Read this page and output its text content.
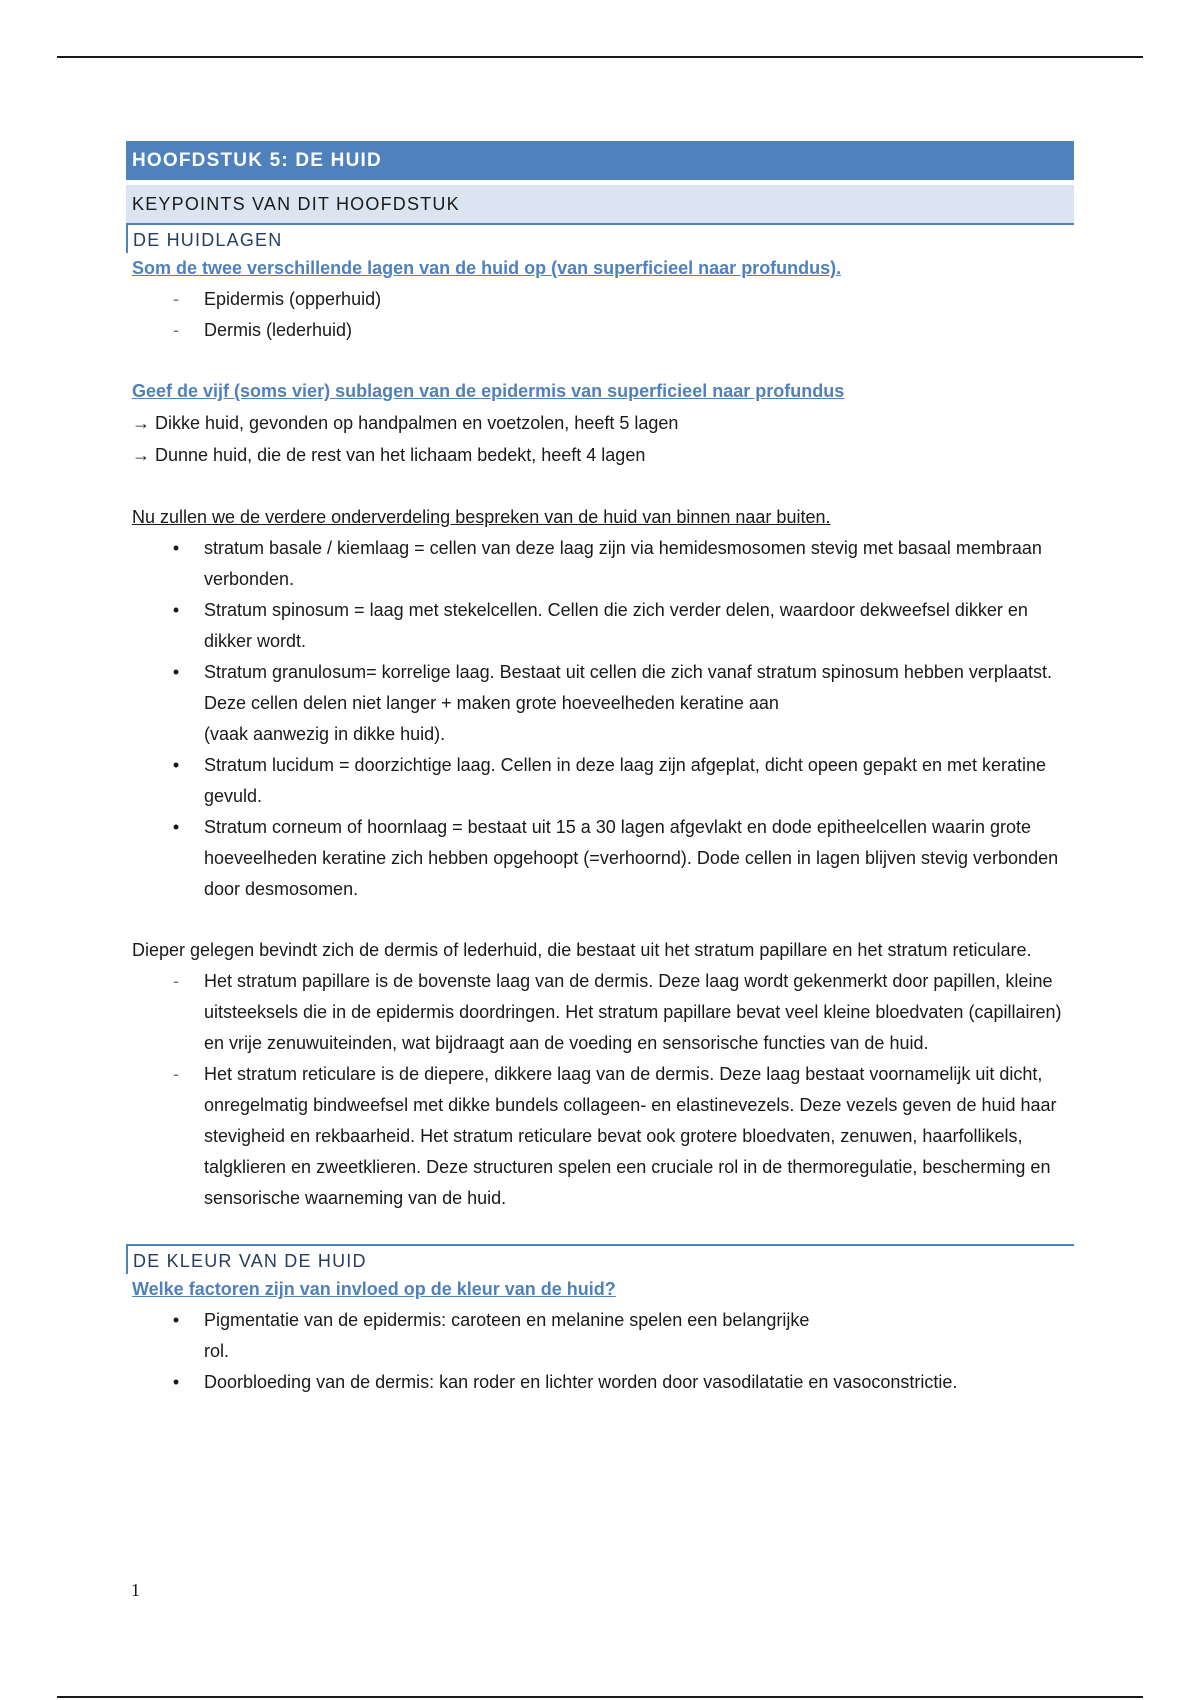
HOOFDSTUK 5: DE HUID
KEYPOINTS VAN DIT HOOFDSTUK
DE HUIDLAGEN
Som de twee verschillende lagen van de huid op (van superficieel naar profundus).
-	Epidermis (opperhuid)
-	Dermis (lederhuid)
Geef de vijf (soms vier) sublagen van de epidermis van superficieel naar profundus
→ Dikke huid, gevonden op handpalmen en voetzolen, heeft 5 lagen
→ Dunne huid, die de rest van het lichaam bedekt, heeft 4 lagen
Nu zullen we de verdere onderverdeling bespreken van de huid van binnen naar buiten.
•	stratum basale / kiemlaag = cellen van deze laag zijn via hemidesmosomen stevig met basaal membraan verbonden.
•	Stratum spinosum = laag met stekelcellen. Cellen die zich verder delen, waardoor dekweefsel dikker en dikker wordt.
•	Stratum granulosum= korrelige laag. Bestaat uit cellen die zich vanaf stratum spinosum hebben verplaatst. Deze cellen delen niet langer + maken grote hoeveelheden keratine aan
(vaak aanwezig in dikke huid).
•	Stratum lucidum = doorzichtige laag. Cellen in deze laag zijn afgeplat, dicht opeen gepakt en met keratine gevuld.
•	Stratum corneum of hoornlaag = bestaat uit 15 a 30 lagen afgevlakt en dode epitheelcellen waarin grote hoeveelheden keratine zich hebben opgehoopt (=verhoornd). Dode cellen in lagen blijven stevig verbonden door desmosomen.
Dieper gelegen bevindt zich de dermis of lederhuid, die bestaat uit het stratum papillare en het stratum reticulare.
-	Het stratum papillare is de bovenste laag van de dermis. Deze laag wordt gekenmerkt door papillen, kleine uitsteeksels die in de epidermis doordringen. Het stratum papillare bevat veel kleine bloedvaten (capillairen) en vrije zenuwuiteinden, wat bijdraagt aan de voeding en sensorische functies van de huid.
-	Het stratum reticulare is de diepere, dikkere laag van de dermis. Deze laag bestaat voornamelijk uit dicht, onregelmatig bindweefsel met dikke bundels collageen- en elastinevezels. Deze vezels geven de huid haar stevigheid en rekbaarheid. Het stratum reticulare bevat ook grotere bloedvaten, zenuwen, haarfollikels, talgklieren en zweetklieren. Deze structuren spelen een cruciale rol in de thermoregulatie, bescherming en sensorische waarneming van de huid.
DE KLEUR VAN DE HUID
Welke factoren zijn van invloed op de kleur van de huid?
•	Pigmentatie van de epidermis: caroteen en melanine spelen een belangrijke
rol.
•	Doorbloeding van de dermis: kan roder en lichter worden door vasodilatatie en vasoconstrictie.
1
